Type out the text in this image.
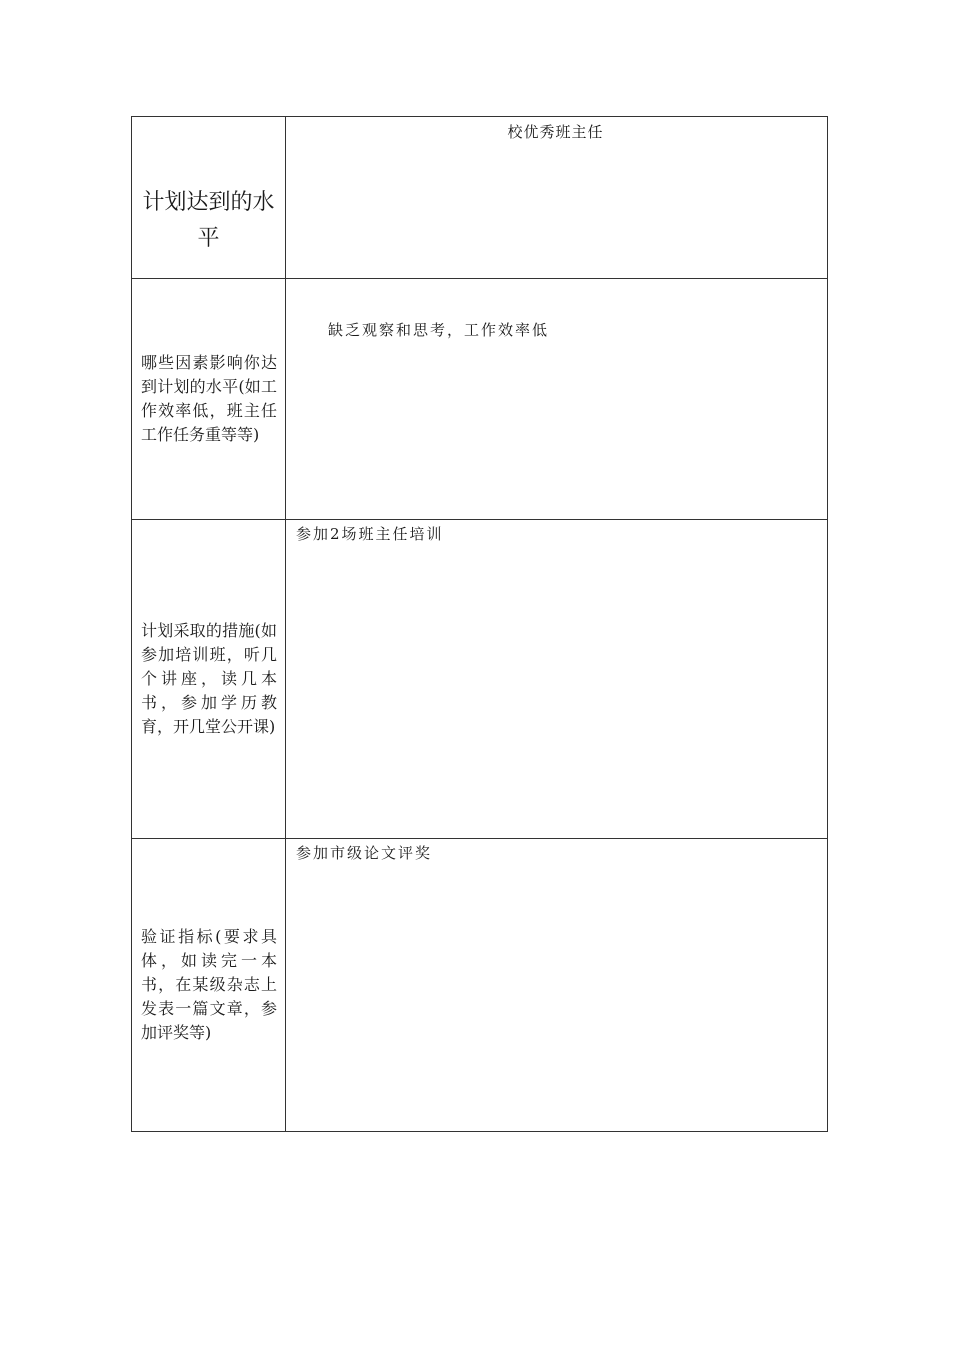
计划达到的水平	校优秀班主任

哪些因素影响你达到计划的水平(如工作效率低，班主任工作任务重等等)	缺乏观察和思考，工作效率低

计划采取的措施(如参加培训班，听几个讲座，读几本书，参加学历教育，开几堂公开课)	参加2场班主任培训

验证指标(要求具体，如读完一本书，在某级杂志上发表一篇文章，参加评奖等)	参加市级论文评奖
